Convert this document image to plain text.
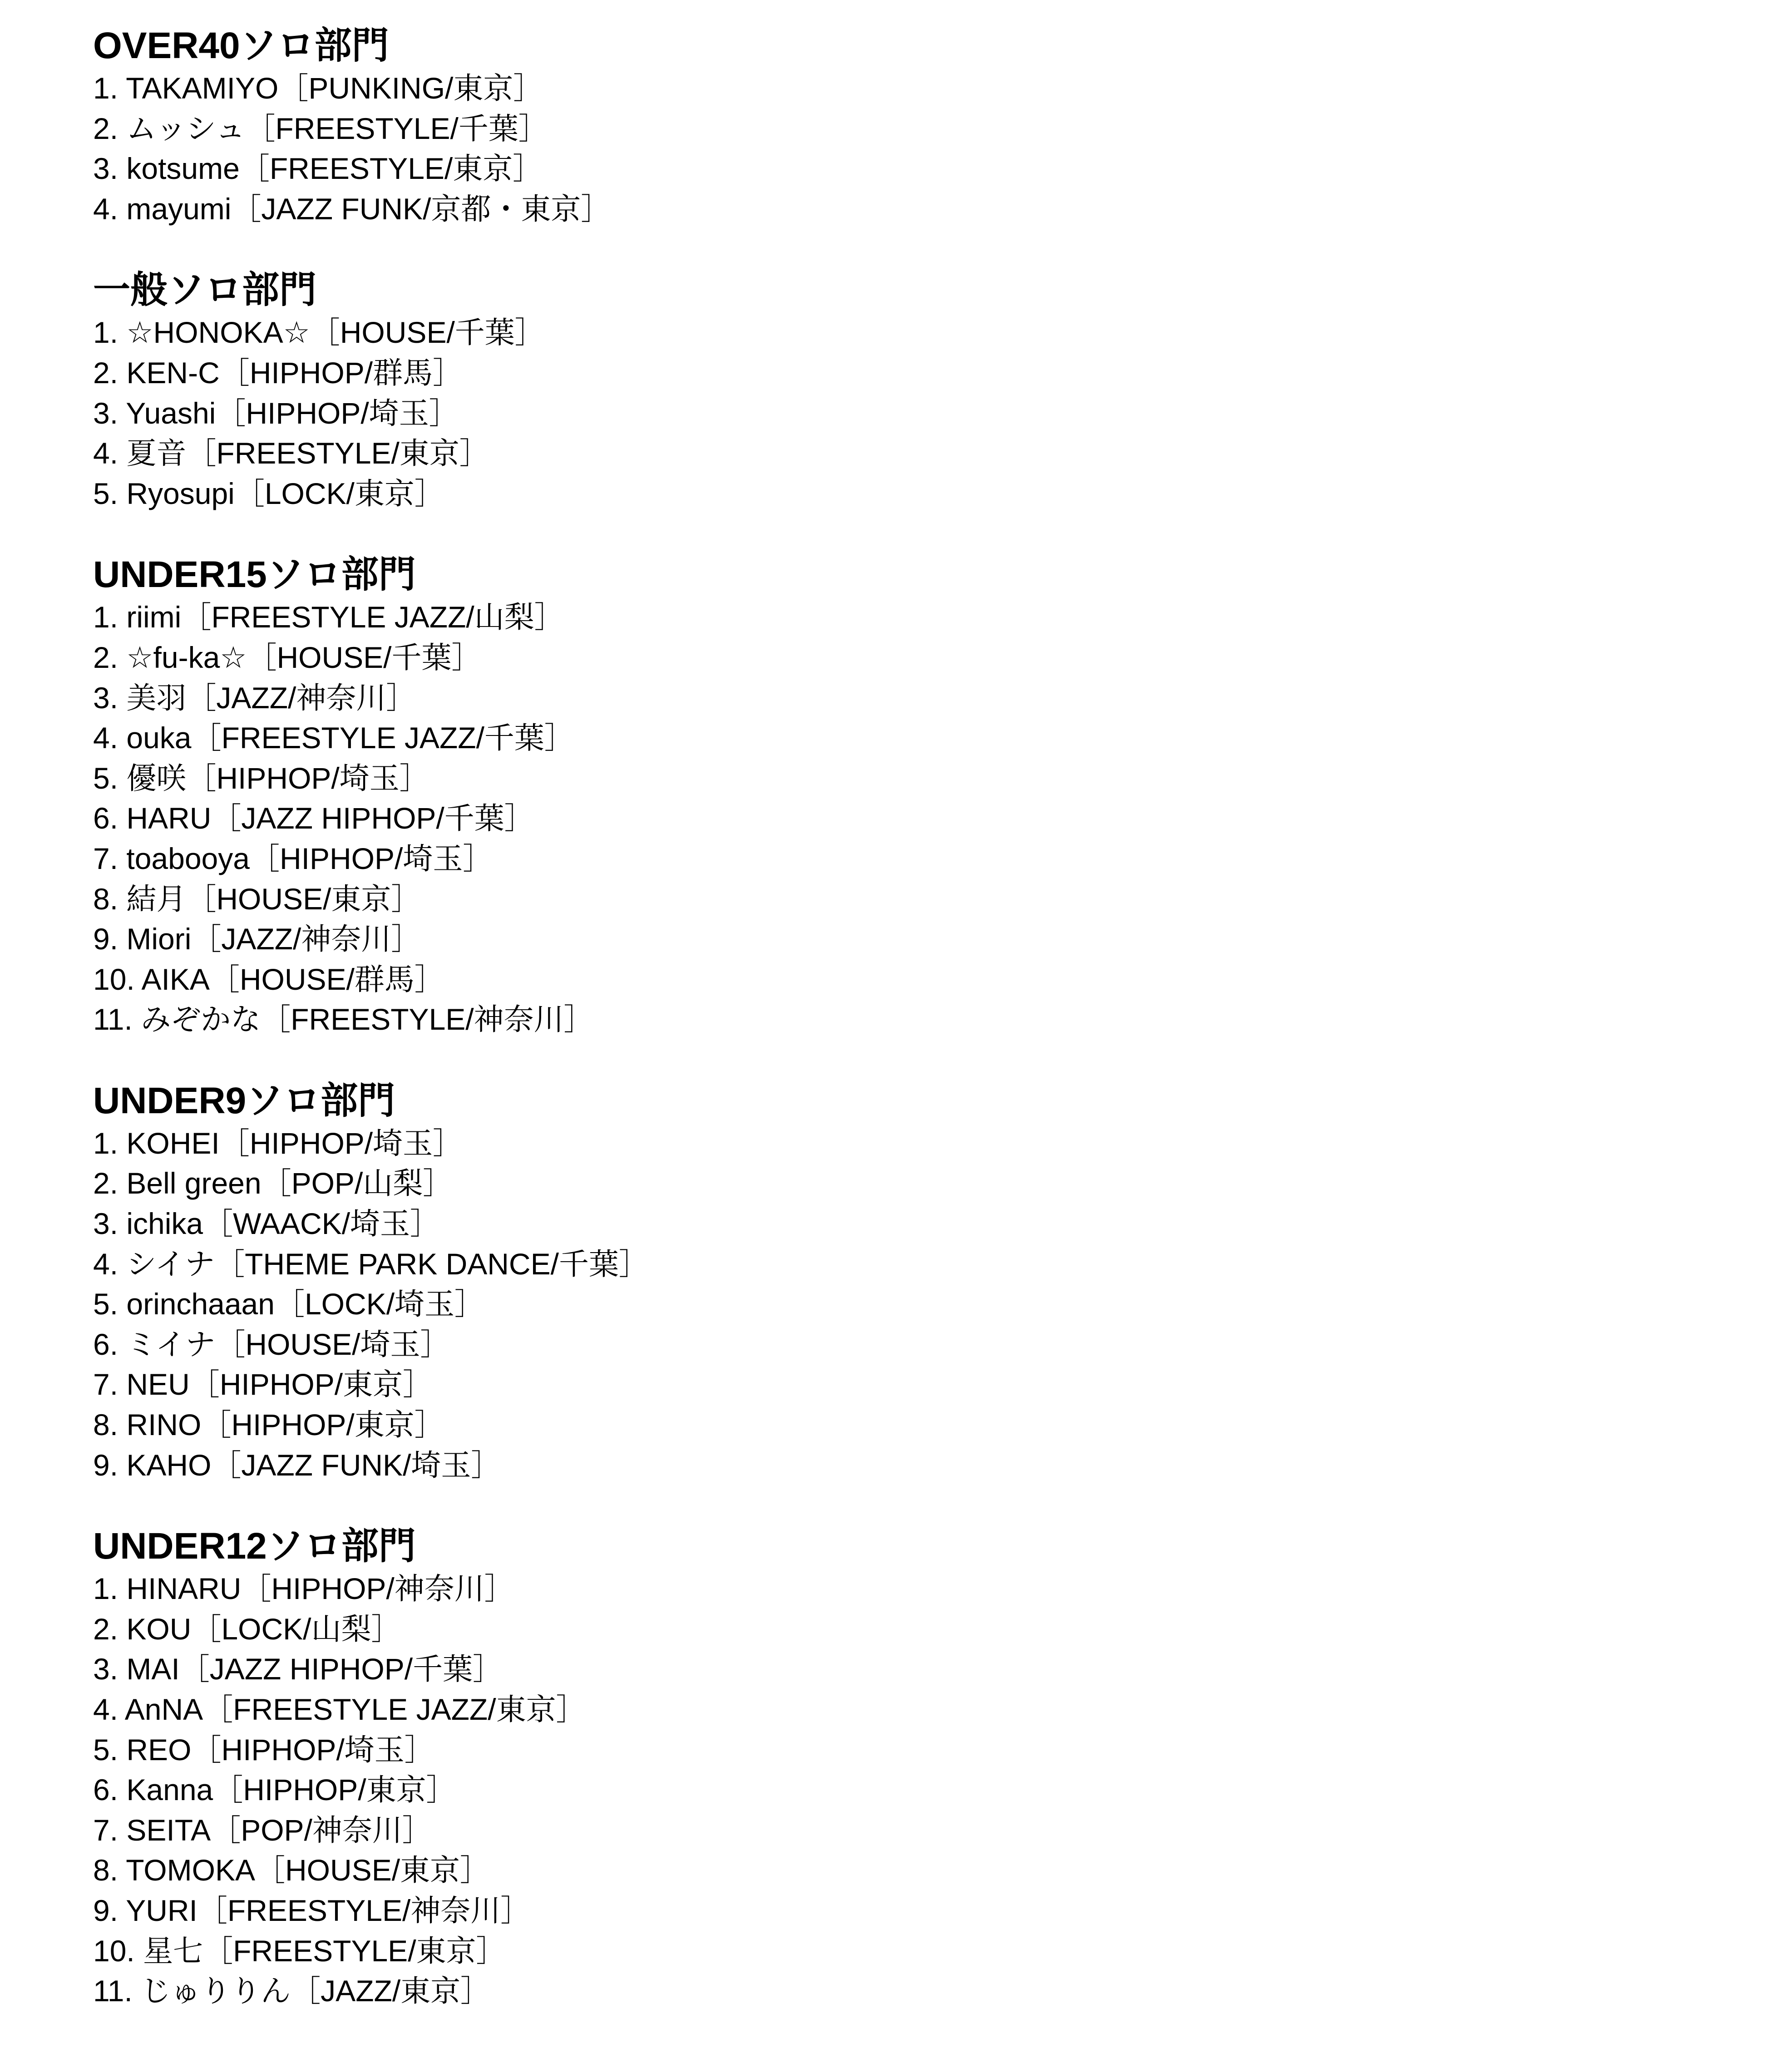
OVER40ソロ部門
1. TAKAMIYO［PUNKING/東京］
2. ムッシュ［FREESTYLE/千葉］
3. kotsume［FREESTYLE/東京］
4. mayumi［JAZZ FUNK/京都・東京］
一般ソロ部門
1. ☆HONOKA☆［HOUSE/千葉］
2. KEN-C［HIPHOP/群馬］
3. Yuashi［HIPHOP/埼玉］
4. 夏音［FREESTYLE/東京］
5. Ryosupi［LOCK/東京］
UNDER15ソロ部門
1. riimi［FREESTYLE JAZZ/山梨］
2. ☆fu-ka☆［HOUSE/千葉］
3. 美羽［JAZZ/神奈川］
4. ouka［FREESTYLE JAZZ/千葉］
5. 優咲［HIPHOP/埼玉］
6. HARU［JAZZ HIPHOP/千葉］
7. toabooya［HIPHOP/埼玉］
8. 結月［HOUSE/東京］
9. Miori［JAZZ/神奈川］
10. AIKA［HOUSE/群馬］
11. みぞかな［FREESTYLE/神奈川］
UNDER9ソロ部門
1. KOHEI［HIPHOP/埼玉］
2. Bell green［POP/山梨］
3. ichika［WAACK/埼玉］
4. シイナ［THEME PARK DANCE/千葉］
5. orinchaaan［LOCK/埼玉］
6. ミイナ［HOUSE/埼玉］
7. NEU［HIPHOP/東京］
8. RINO［HIPHOP/東京］
9. KAHO［JAZZ FUNK/埼玉］
UNDER12ソロ部門
1. HINARU［HIPHOP/神奈川］
2. KOU［LOCK/山梨］
3. MAI［JAZZ HIPHOP/千葉］
4. AnNA［FREESTYLE JAZZ/東京］
5. REO［HIPHOP/埼玉］
6. Kanna［HIPHOP/東京］
7. SEITA［POP/神奈川］
8. TOMOKA［HOUSE/東京］
9. YURI［FREESTYLE/神奈川］
10. 星七［FREESTYLE/東京］
11. じゅりりん［JAZZ/東京］
